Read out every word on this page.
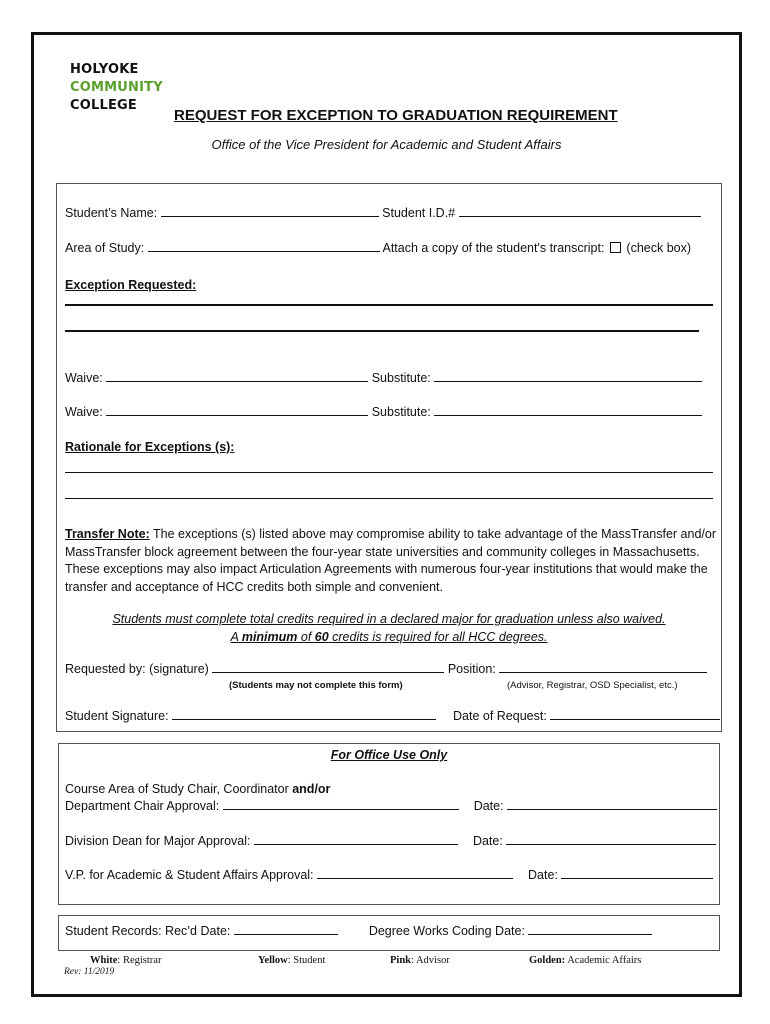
HOLYOKE
COMMUNITY
COLLEGE
REQUEST FOR EXCEPTION TO GRADUATION REQUIREMENT
Office of the Vice President for Academic and Student Affairs
Student’s Name:	Student I.D.#
Area of Study:	Attach a copy of the student's transcript: (check box)
Exception Requested:
Waive:	Substitute:
Waive:	Substitute:
Rationale for Exceptions (s):
Transfer Note: The exceptions (s) listed above may compromise ability to take advantage of the MassTransfer and/or MassTransfer block agreement between the four-year state universities and community colleges in Massachusetts. These exceptions may also impact Articulation Agreements with numerous four-year institutions that would make the transfer and acceptance of HCC credits both simple and convenient.
Students must complete total credits required in a declared major for graduation unless also waived.
A minimum of 60 credits is required for all HCC degrees.
Requested by: (signature)	Position:
(Students may not complete this form)	(Advisor, Registrar, OSD Specialist, etc.)
Student Signature:	Date of Request:
For Office Use Only
Course Area of Study Chair, Coordinator and/or
Department Chair Approval:	Date:
Division Dean for Major Approval:	Date:
V.P. for Academic & Student Affairs Approval:	Date:
Student Records: Rec’d Date:	Degree Works Coding Date:
White: Registrar	Yellow: Student	Pink: Advisor	Golden: Academic Affairs
Rev: 11/2019
